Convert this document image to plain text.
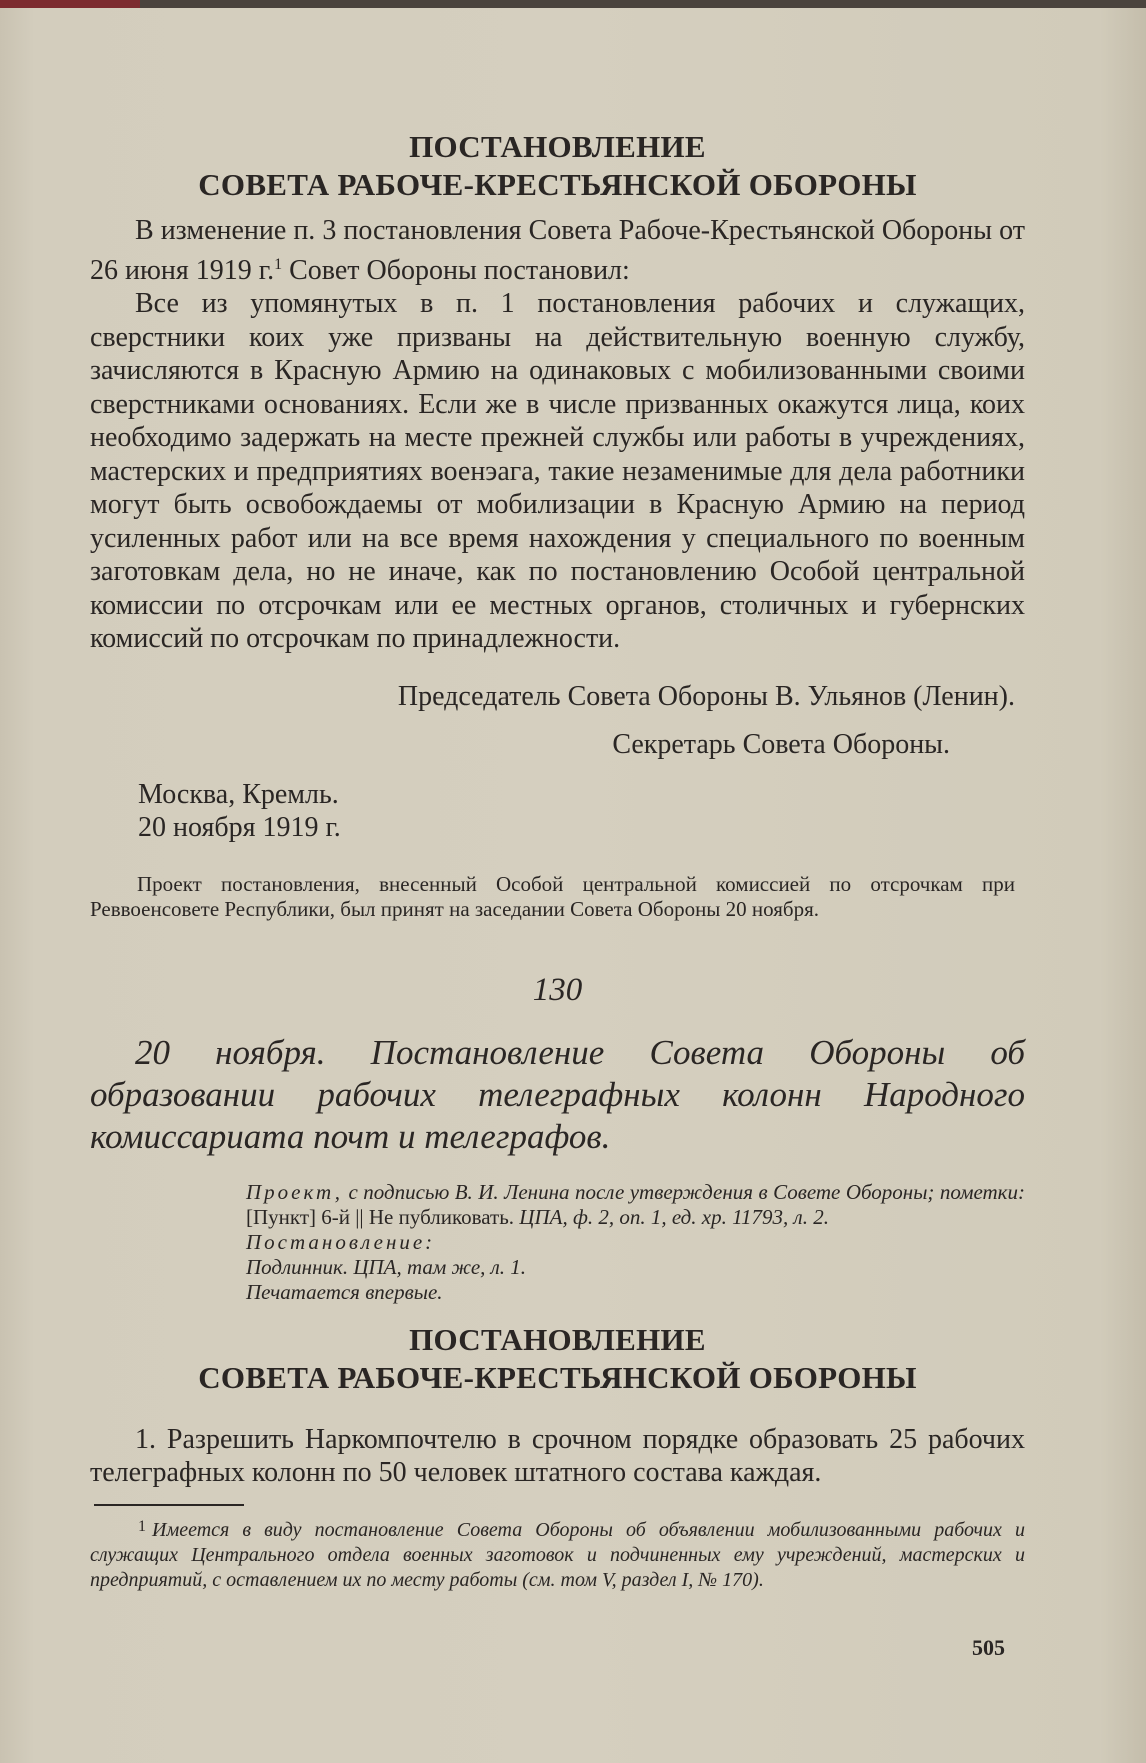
ПОСТАНОВЛЕНИЕ
СОВЕТА РАБОЧЕ-КРЕСТЬЯНСКОЙ ОБОРОНЫ

В изменение п. 3 постановления Совета Рабоче-Крестьянской Обороны от 26 июня 1919 г.$^1$ Совет Обороны постановил:

Все из упомянутых в п. 1 постановления рабочих и служащих, сверстники коих уже призваны на действительную военную службу, зачисляются в Красную Армию на одинаковых с мобилизованными своими сверстниками основаниях. Если же в числе призванных окажутся лица, коих необходимо задержать на месте прежней службы или работы в учреждениях, мастерских и предприятиях военэага, такие незаменимые для дела работники могут быть освобождаемы от мобилизации в Красную Армию на период усиленных работ или на все время нахождения у специального по военным заготовкам дела, но не иначе, как по постановлению Особой центральной комиссии по отсрочкам или ее местных органов, столичных и губернских комиссий по отсрочкам по принадлежности.

Председатель Совета Обороны В. Ульянов (Ленин).

Секретарь Совета Обороны.

Москва, Кремль.
20 ноября 1919 г.

Проект постановления, внесенный Особой центральной комиссией по отсрочкам при Реввоенсовете Республики, был принят на заседании Совета Обороны 20 ноября.

130

20 ноября. Постановление Совета Обороны об образовании рабочих телеграфных колонн Народного комиссариата почт и телеграфов.

Проект, с подписью В. И. Ленина после утверждения в Совете Обороны; пометки: [Пункт] 6-й || Не публиковать. ЦПА, ф. 2, оп. 1, ед. хр. 11793, л. 2.

Постановление:

Подлинник. ЦПА, там же, л. 1.

Печатается впервые.

ПОСТАНОВЛЕНИЕ
СОВЕТА РАБОЧЕ-КРЕСТЬЯНСКОЙ ОБОРОНЫ

1. Разрешить Наркомпочтелю в срочном порядке образовать 25 рабочих телеграфных колонн по 50 человек штатного состава каждая.

$^1$ Имеется в виду постановление Совета Обороны об объявлении мобилизованными рабочих и служащих Центрального отдела военных заготовок и подчиненных ему учреждений, мастерских и предприятий, с оставлением их по месту работы (см. том V, раздел I, № 170).

505
